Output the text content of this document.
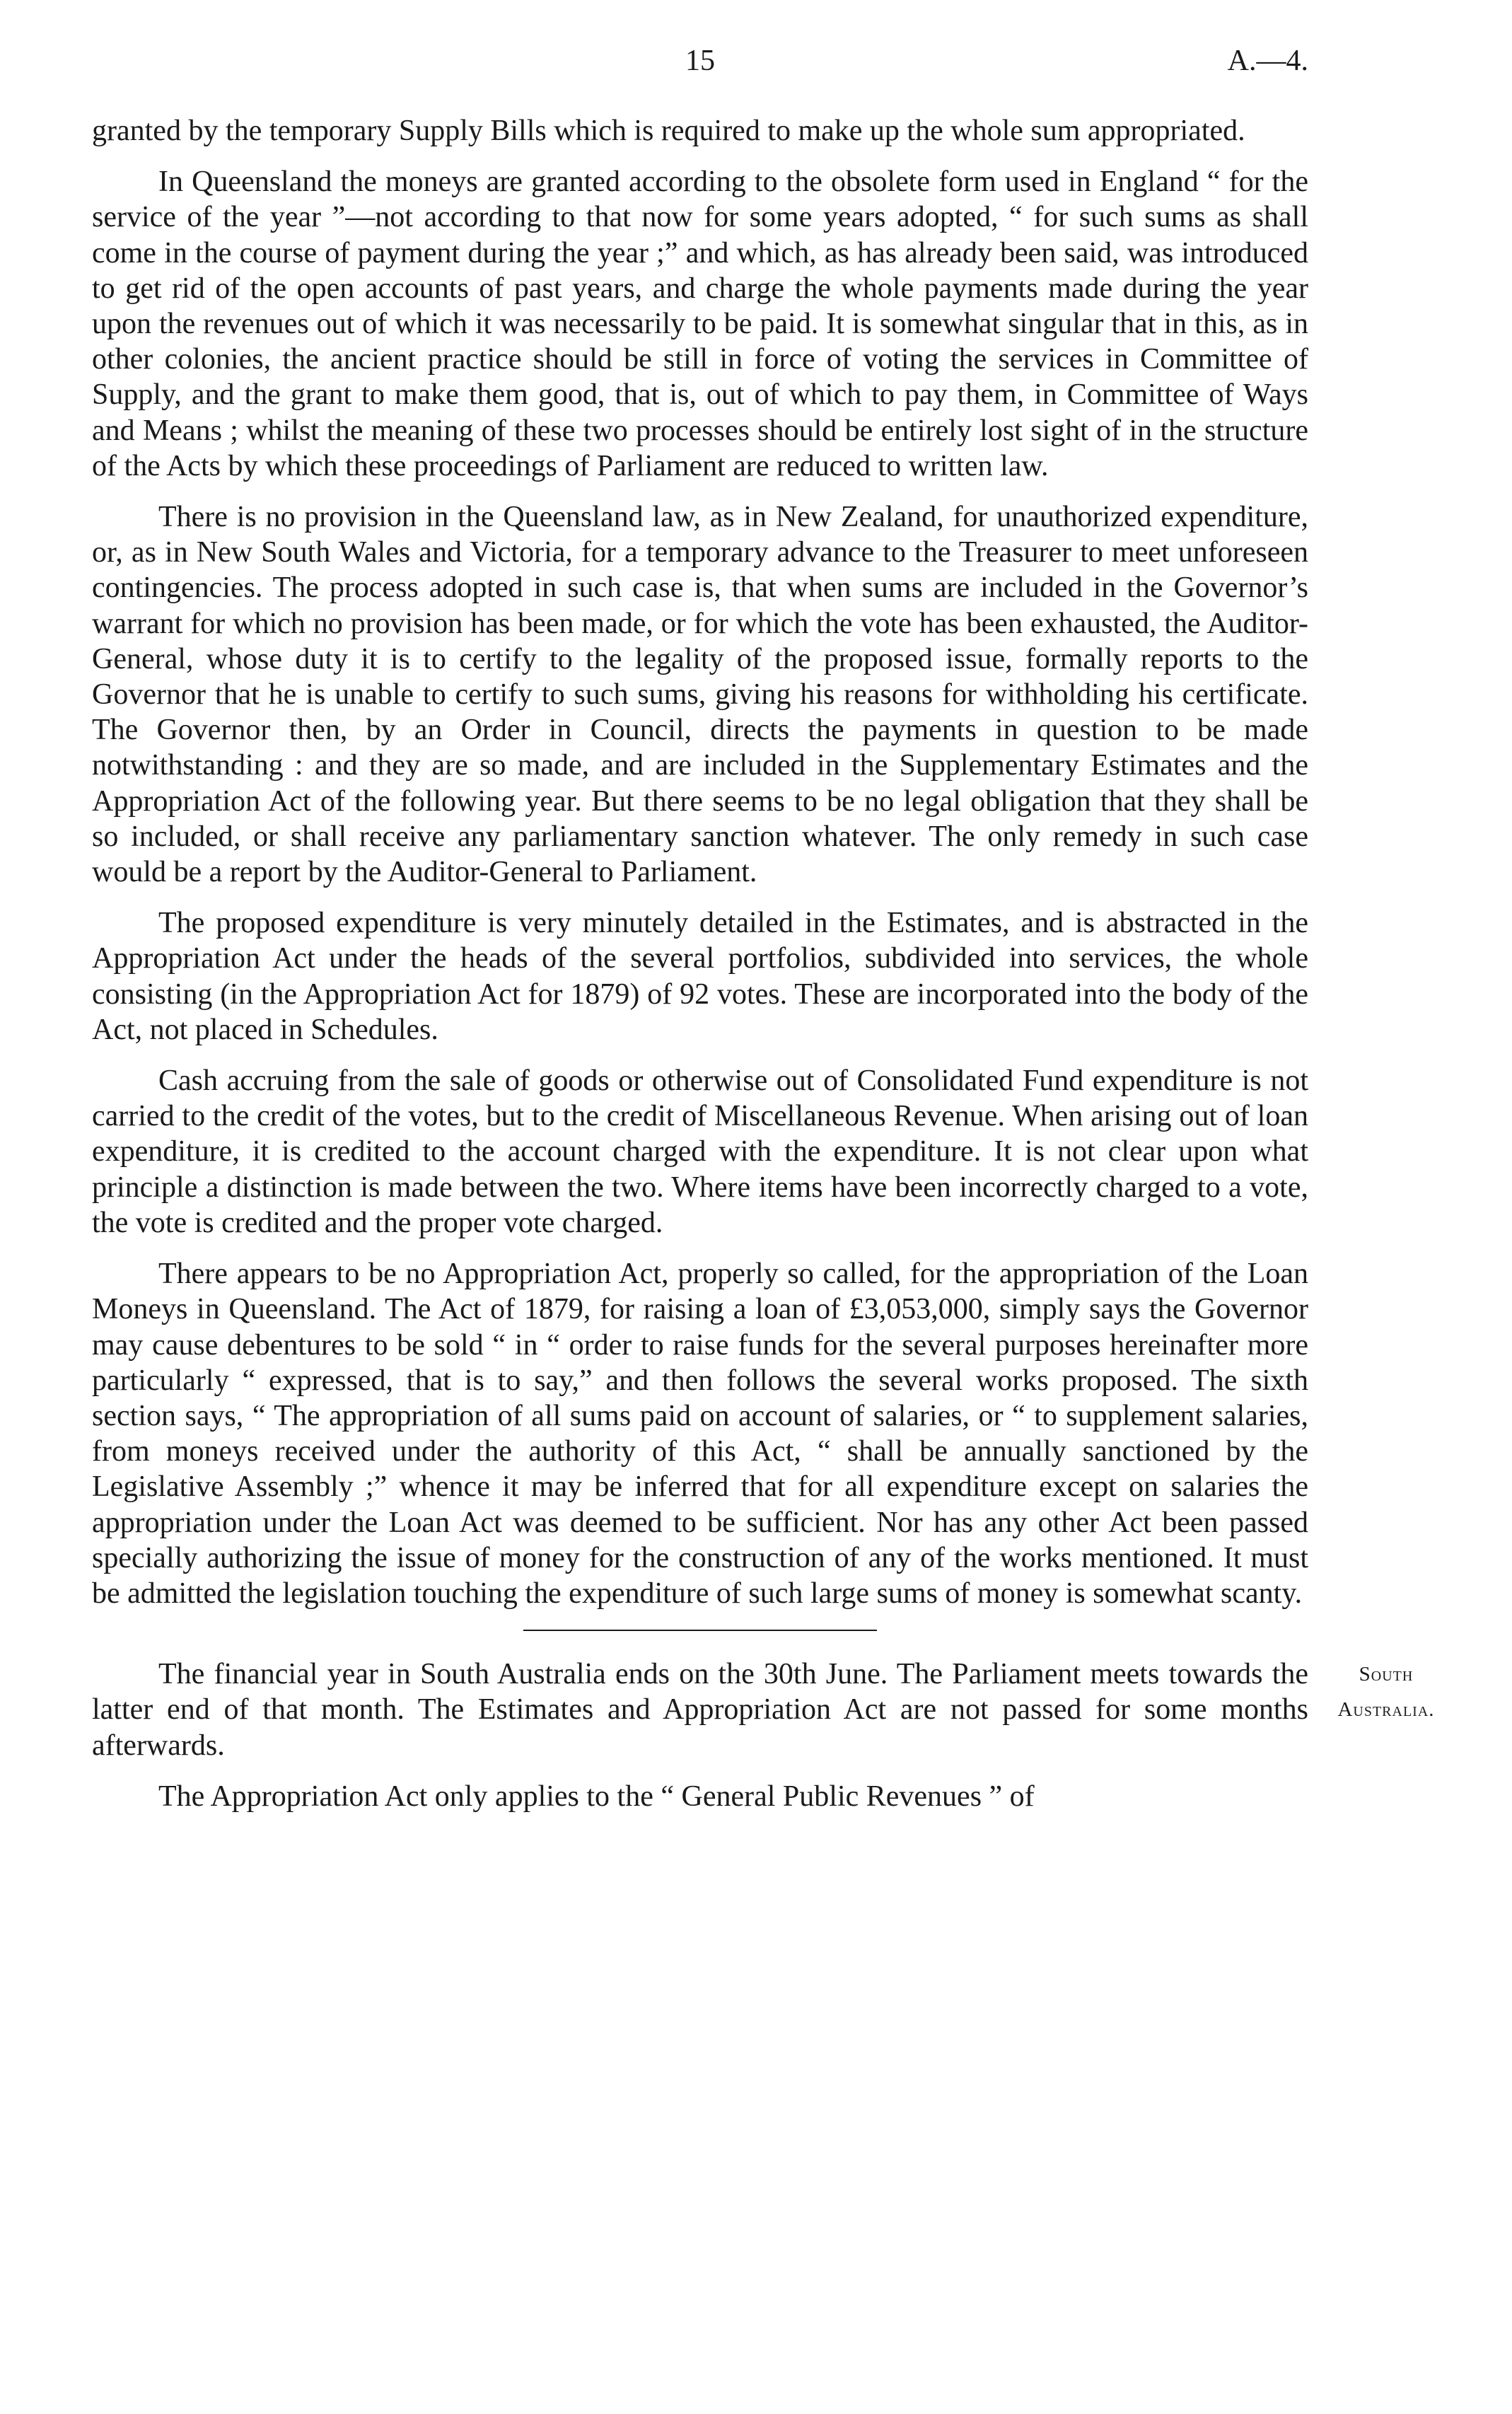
15	A.—4.

granted by the temporary Supply Bills which is required to make up the whole sum appropriated.

In Queensland the moneys are granted according to the obsolete form used in England “ for the service of the year ”—not according to that now for some years adopted, “ for such sums as shall come in the course of payment during the year ;” and which, as has already been said, was introduced to get rid of the open accounts of past years, and charge the whole payments made during the year upon the revenues out of which it was necessarily to be paid. It is somewhat singular that in this, as in other colonies, the ancient practice should be still in force of voting the services in Committee of Supply, and the grant to make them good, that is, out of which to pay them, in Committee of Ways and Means ; whilst the meaning of these two processes should be entirely lost sight of in the structure of the Acts by which these proceedings of Parliament are reduced to written law.

There is no provision in the Queensland law, as in New Zealand, for unauthorized expenditure, or, as in New South Wales and Victoria, for a temporary advance to the Treasurer to meet unforeseen contingencies. The process adopted in such case is, that when sums are included in the Governor’s warrant for which no provision has been made, or for which the vote has been exhausted, the Auditor-General, whose duty it is to certify to the legality of the proposed issue, formally reports to the Governor that he is unable to certify to such sums, giving his reasons for withholding his certificate. The Governor then, by an Order in Council, directs the payments in question to be made notwithstanding : and they are so made, and are included in the Supplementary Estimates and the Appropriation Act of the following year. But there seems to be no legal obligation that they shall be so included, or shall receive any parliamentary sanction whatever. The only remedy in such case would be a report by the Auditor-General to Parliament.

The proposed expenditure is very minutely detailed in the Estimates, and is abstracted in the Appropriation Act under the heads of the several portfolios, subdivided into services, the whole consisting (in the Appropriation Act for 1879) of 92 votes. These are incorporated into the body of the Act, not placed in Schedules.

Cash accruing from the sale of goods or otherwise out of Consolidated Fund expenditure is not carried to the credit of the votes, but to the credit of Miscellaneous Revenue. When arising out of loan expenditure, it is credited to the account charged with the expenditure. It is not clear upon what principle a distinction is made between the two. Where items have been incorrectly charged to a vote, the vote is credited and the proper vote charged.

There appears to be no Appropriation Act, properly so called, for the appropriation of the Loan Moneys in Queensland. The Act of 1879, for raising a loan of £3,053,000, simply says the Governor may cause debentures to be sold “ in “ order to raise funds for the several purposes hereinafter more particularly “ expressed, that is to say,” and then follows the several works proposed. The sixth section says, “ The appropriation of all sums paid on account of salaries, or “ to supplement salaries, from moneys received under the authority of this Act, “ shall be annually sanctioned by the Legislative Assembly ;” whence it may be inferred that for all expenditure except on salaries the appropriation under the Loan Act was deemed to be sufficient. Nor has any other Act been passed specially authorizing the issue of money for the construction of any of the works mentioned. It must be admitted the legislation touching the expenditure of such large sums of money is somewhat scanty.

South
Australia.

The financial year in South Australia ends on the 30th June. The Parliament meets towards the latter end of that month. The Estimates and Appropriation Act are not passed for some months afterwards.

The Appropriation Act only applies to the “ General Public Revenues ” of
